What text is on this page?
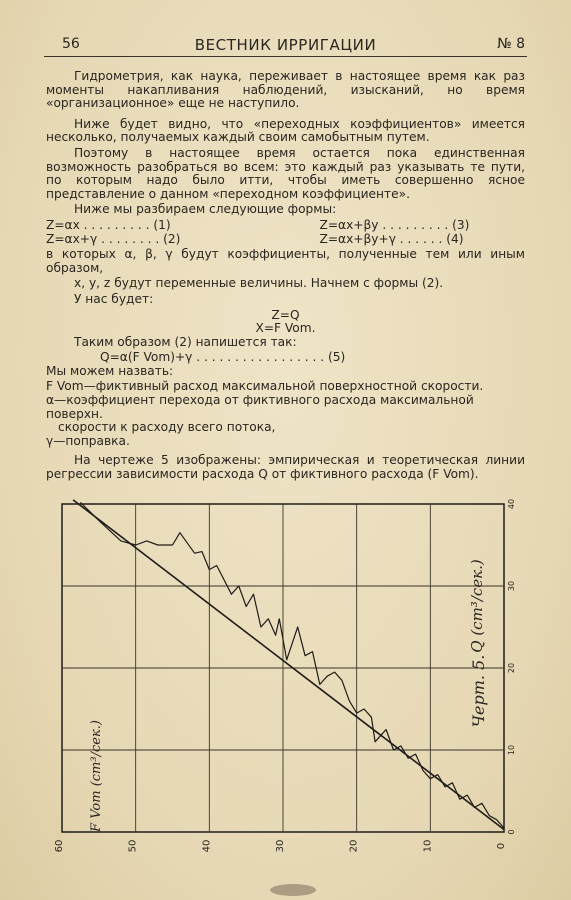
56	ВЕСТНИК ИРРИГАЦИИ	№ 8

Гидрометрия, как наука, переживает в настоящее время как раз моменты накапливания наблюдений, изысканий, но время «организационное» еще не наступило.

Ниже будет видно, что «переходных коэффициентов» имеется несколько, получаемых каждый своим самобытным путем.

Поэтому в настоящее время остается пока единственная возможность разобраться во всем: это каждый раз указывать те пути, по которым надо было итти, чтобы иметь совершенно ясное представление о данном «переходном коэффициенте».

Ниже мы разбираем следующие формы:

Z=αx . . . . . . . . . (1)
Z=αx+γ . . . . . . . . (2)
Z=αx+βy . . . . . . . . . (3)
Z=αx+βy+γ . . . . . . (4)

в которых α, β, γ будут коэффициенты, полученные тем или иным образом,

x, y, z будут переменные величины. Начнем с формы (2).

У нас будет:

Z=Q

X=F Vom.

Таким образом (2) напишется так:

Q=α(F Vom)+γ . . . . . . . . . . . . . . . . . (5)

Мы можем назвать:

F Vom—фиктивный расход максимальной поверхностной скорости.

α—коэффициент перехода от фиктивного расхода максимальной поверхн.

скорости к расходу всего потока,

γ—поправка.

На чертеже 5 изображены: эмпирическая и теоретическая линии регрессии зависимости расхода Q от фиктивного расхода (F Vom).

60	50	40	30	20	10	0
0
10
20
30
40
Q (cm³/сек.)
Черт. 5.
F Vom (cm³/сек.)
